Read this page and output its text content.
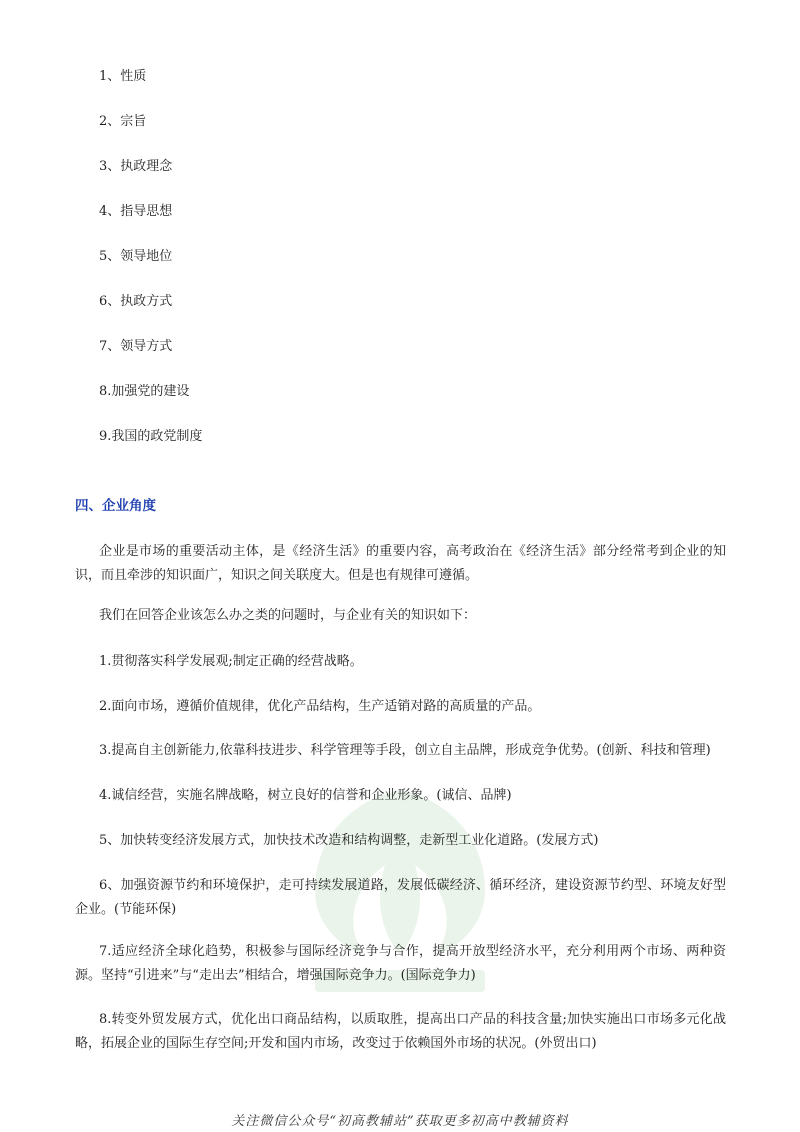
1、性质
2、宗旨
3、执政理念
4、指导思想
5、领导地位
6、执政方式
7、领导方式
8.加强党的建设
9.我国的政党制度
四、企业角度
企业是市场的重要活动主体，是《经济生活》的重要内容，高考政治在《经济生活》部分经常考到企业的知识，而且牵涉的知识面广，知识之间关联度大。但是也有规律可遵循。
我们在回答企业该怎么办之类的问题时，与企业有关的知识如下：
1.贯彻落实科学发展观;制定正确的经营战略。
2.面向市场，遵循价值规律，优化产品结构，生产适销对路的高质量的产品。
3.提高自主创新能力,依靠科技进步、科学管理等手段，创立自主品牌，形成竞争优势。(创新、科技和管理)
4.诚信经营，实施名牌战略，树立良好的信誉和企业形象。(诚信、品牌)
5、加快转变经济发展方式，加快技术改造和结构调整，走新型工业化道路。(发展方式)
6、加强资源节约和环境保护，走可持续发展道路，发展低碳经济、循环经济，建设资源节约型、环境友好型企业。(节能环保)
7.适应经济全球化趋势，积极参与国际经济竞争与合作，提高开放型经济水平，充分利用两个市场、两种资源。坚持“引进来”与“走出去”相结合，增强国际竞争力。(国际竞争力)
8.转变外贸发展方式，优化出口商品结构，以质取胜，提高出口产品的科技含量;加快实施出口市场多元化战略，拓展企业的国际生存空间;开发和国内市场，改变过于依赖国外市场的状况。(外贸出口)
关注微信公众号“初高教辅站”获取更多初高中教辅资料
